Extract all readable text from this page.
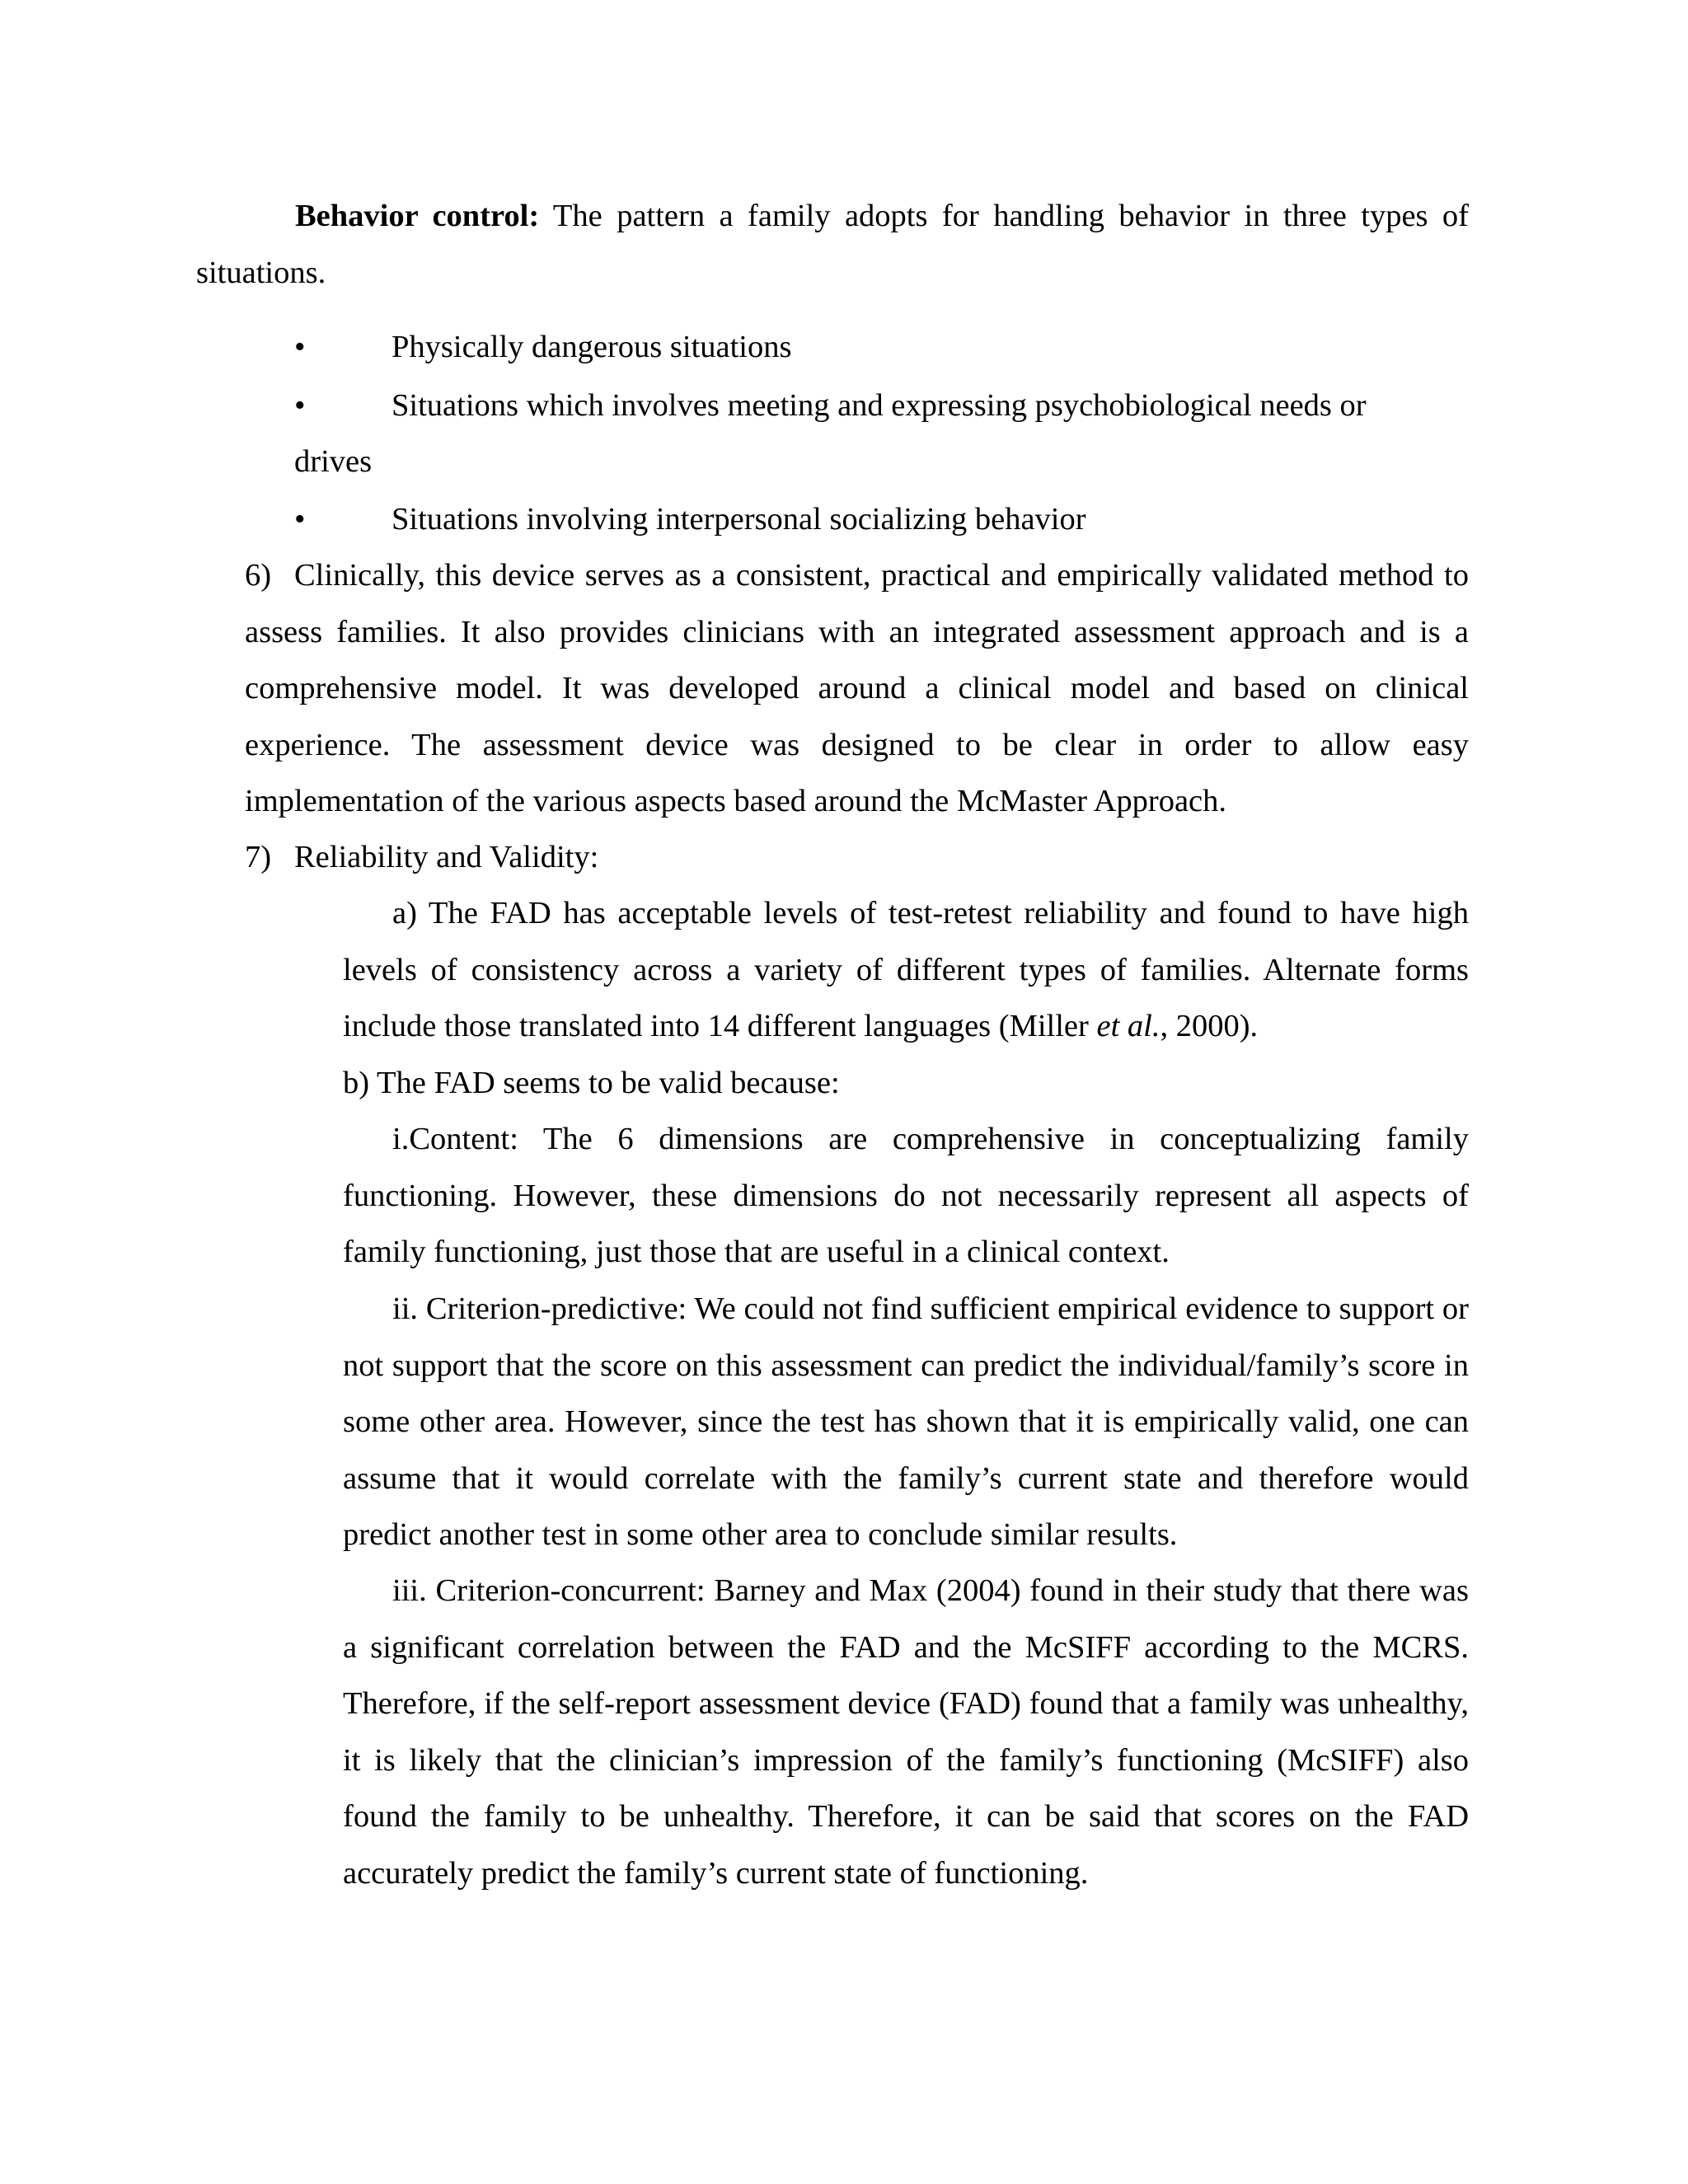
Behavior control: The pattern a family adopts for handling behavior in three types of situations.

•	Physically dangerous situations
•	Situations which involves meeting and expressing psychobiological needs or
drives
•	Situations involving interpersonal socializing behavior
6) Clinically, this device serves as a consistent, practical and empirically validated method to assess families. It also provides clinicians with an integrated assessment approach and is a comprehensive model. It was developed around a clinical model and based on clinical experience. The assessment device was designed to be clear in order to allow easy implementation of the various aspects based around the McMaster Approach.

7) Reliability and Validity:

a) The FAD has acceptable levels of test-retest reliability and found to have high levels of consistency across a variety of different types of families. Alternate forms include those translated into 14 different languages (Miller et al., 2000).

b) The FAD seems to be valid because:

i.Content: The 6 dimensions are comprehensive in conceptualizing family functioning. However, these dimensions do not necessarily represent all aspects of family functioning, just those that are useful in a clinical context.

ii. Criterion-predictive: We could not find sufficient empirical evidence to support or not support that the score on this assessment can predict the individual/family’s score in some other area. However, since the test has shown that it is empirically valid, one can assume that it would correlate with the family’s current state and therefore would predict another test in some other area to conclude similar results.

iii. Criterion-concurrent: Barney and Max (2004) found in their study that there was a significant correlation between the FAD and the McSIFF according to the MCRS. Therefore, if the self-report assessment device (FAD) found that a family was unhealthy, it is likely that the clinician’s impression of the family’s functioning (McSIFF) also found the family to be unhealthy. Therefore, it can be said that scores on the FAD accurately predict the family’s current state of functioning.
